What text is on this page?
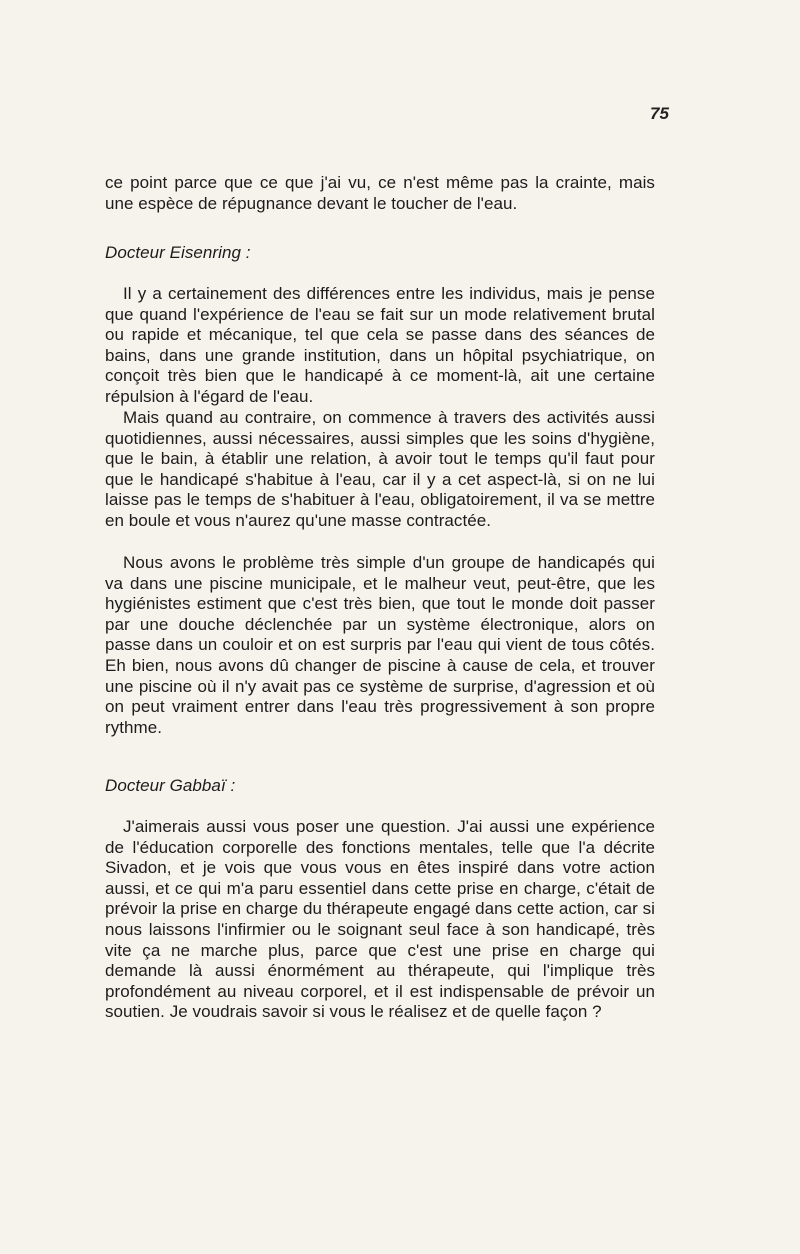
75

ce point parce que ce que j'ai vu, ce n'est même pas la crainte, mais une espèce de répugnance devant le toucher de l'eau.

Docteur Eisenring :

Il y a certainement des différences entre les individus, mais je pense que quand l'expérience de l'eau se fait sur un mode relativement brutal ou rapide et mécanique, tel que cela se passe dans des séances de bains, dans une grande institution, dans un hôpital psychiatrique, on conçoit très bien que le handicapé à ce moment-là, ait une certaine répulsion à l'égard de l'eau.

Mais quand au contraire, on commence à travers des activités aussi quotidiennes, aussi nécessaires, aussi simples que les soins d'hygiène, que le bain, à établir une relation, à avoir tout le temps qu'il faut pour que le handicapé s'habitue à l'eau, car il y a cet aspect-là, si on ne lui laisse pas le temps de s'habituer à l'eau, obligatoirement, il va se mettre en boule et vous n'aurez qu'une masse contractée.

Nous avons le problème très simple d'un groupe de handicapés qui va dans une piscine municipale, et le malheur veut, peut-être, que les hygiénistes estiment que c'est très bien, que tout le monde doit passer par une douche déclenchée par un système électronique, alors on passe dans un couloir et on est surpris par l'eau qui vient de tous côtés. Eh bien, nous avons dû changer de piscine à cause de cela, et trouver une piscine où il n'y avait pas ce système de surprise, d'agression et où on peut vraiment entrer dans l'eau très progressivement à son propre rythme.

Docteur Gabbaï :

J'aimerais aussi vous poser une question. J'ai aussi une expérience de l'éducation corporelle des fonctions mentales, telle que l'a décrite Sivadon, et je vois que vous vous en êtes inspiré dans votre action aussi, et ce qui m'a paru essentiel dans cette prise en charge, c'était de prévoir la prise en charge du thérapeute engagé dans cette action, car si nous laissons l'infirmier ou le soignant seul face à son handicapé, très vite ça ne marche plus, parce que c'est une prise en charge qui demande là aussi énormément au thérapeute, qui l'implique très profondément au niveau corporel, et il est indispensable de prévoir un soutien. Je voudrais savoir si vous le réalisez et de quelle façon ?
